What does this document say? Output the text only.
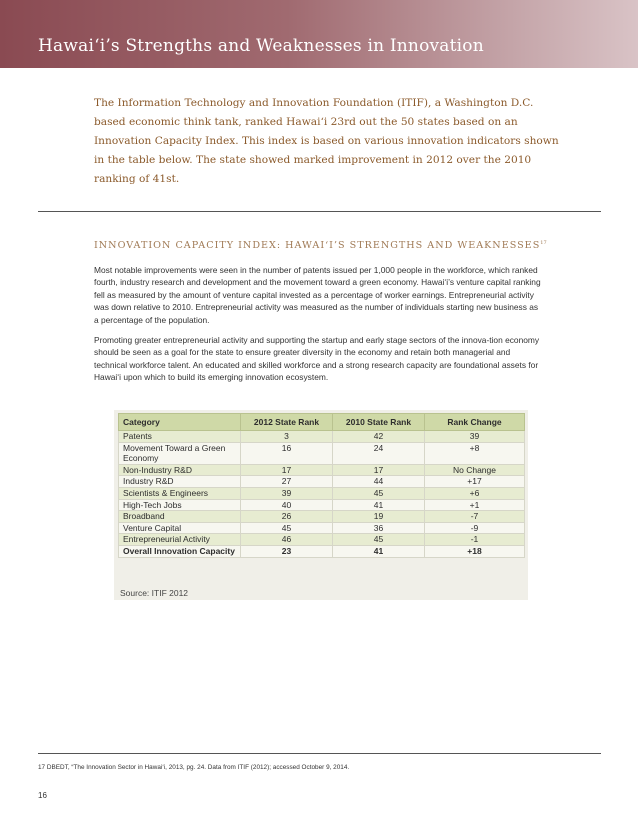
Hawai‘i’s Strengths and Weaknesses in Innovation

The Information Technology and Innovation Foundation (ITIF), a Washington D.C. based economic think tank, ranked Hawai‘i 23rd out the 50 states based on an Innovation Capacity Index. This index is based on various innovation indicators shown in the table below. The state showed marked improvement in 2012 over the 2010 ranking of 41st.

INNOVATION CAPACITY INDEX: HAWAI‘I’S STRENGTHS AND WEAKNESSES$^{17}$

Most notable improvements were seen in the number of patents issued per 1,000 people in the workforce, which ranked fourth, industry research and development and the movement toward a green economy. Hawai‘i’s venture capital ranking fell as measured by the amount of venture capital invested as a percentage of worker earnings. Entrepreneurial activity was down relative to 2010. Entrepreneurial activity was measured as the number of individuals starting new business as a percentage of the population.

Promoting greater entrepreneurial activity and supporting the startup and early stage sectors of the innova-tion economy should be seen as a goal for the state to ensure greater diversity in the economy and retain both managerial and technical workforce talent. An educated and skilled workforce and a strong research capacity are foundational assets for Hawai‘i upon which to build its emerging innovation ecosystem.

Category	2012 State Rank	2010 State Rank	Rank Change
Patents	3	42	39
Movement Toward a Green Economy	16	24	+8
Non-Industry R&D	17	17	No Change
Industry R&D	27	44	+17
Scientists & Engineers	39	45	+6
High-Tech Jobs	40	41	+1
Broadband	26	19	-7
Venture Capital	45	36	-9
Entrepreneurial Activity	46	45	-1
Overall Innovation Capacity	23	41	+18

Source: ITIF 2012

17 DBEDT, “The Innovation Sector in Hawai‘i, 2013, pg. 24. Data from ITIF (2012); accessed October 9, 2014.

16
